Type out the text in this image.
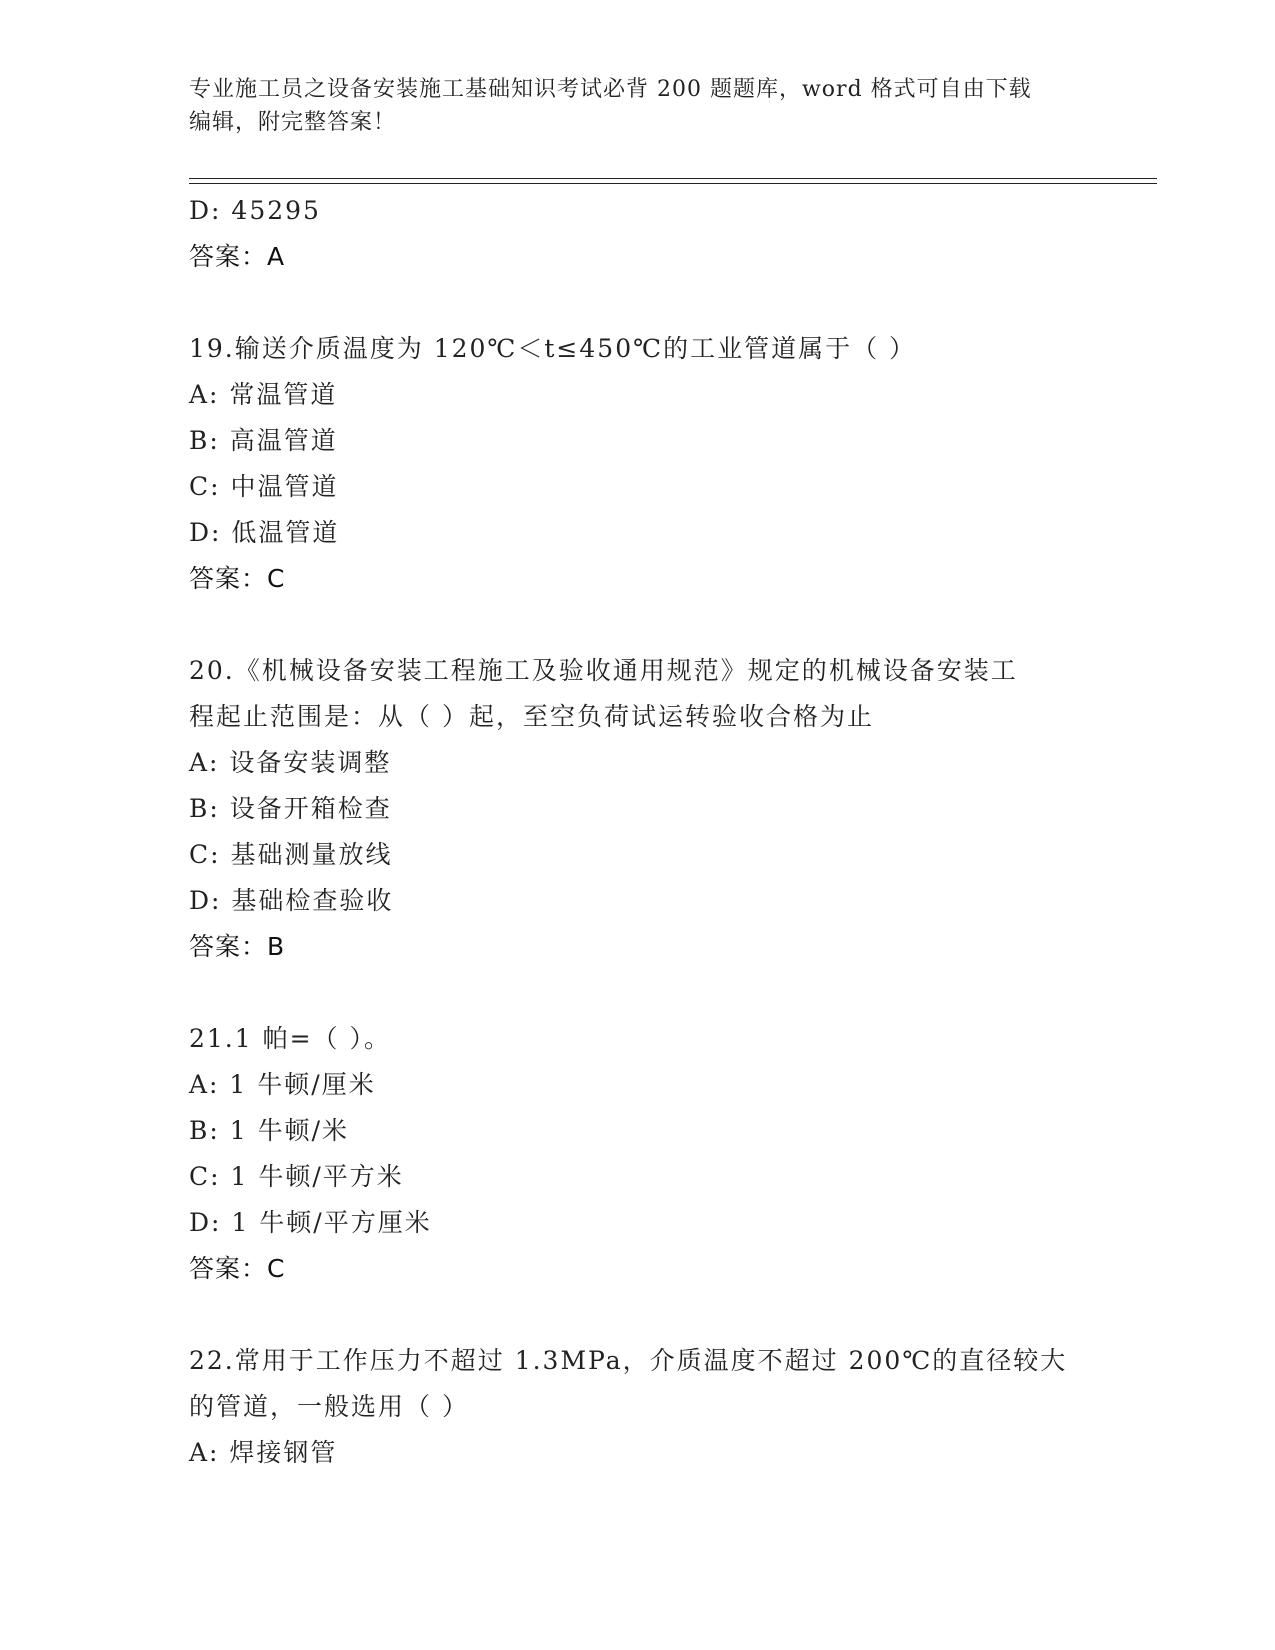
专业施工员之设备安装施工基础知识考试必背 200 题题库，word 格式可自由下载
编辑，附完整答案！
D: 45295
答案：A
19.输送介质温度为 120℃＜t≤450℃的工业管道属于（ ）
A: 常温管道
B: 高温管道
C: 中温管道
D: 低温管道
答案：C
20.《机械设备安装工程施工及验收通用规范》规定的机械设备安装工
程起止范围是：从（ ）起，至空负荷试运转验收合格为止
A: 设备安装调整
B: 设备开箱检查
C: 基础测量放线
D: 基础检查验收
答案：B
21.1 帕=（ ）。
A: 1 牛顿/厘米
B: 1 牛顿/米
C: 1 牛顿/平方米
D: 1 牛顿/平方厘米
答案：C
22.常用于工作压力不超过 1.3MPa，介质温度不超过 200℃的直径较大
的管道，一般选用（ ）
A: 焊接钢管
